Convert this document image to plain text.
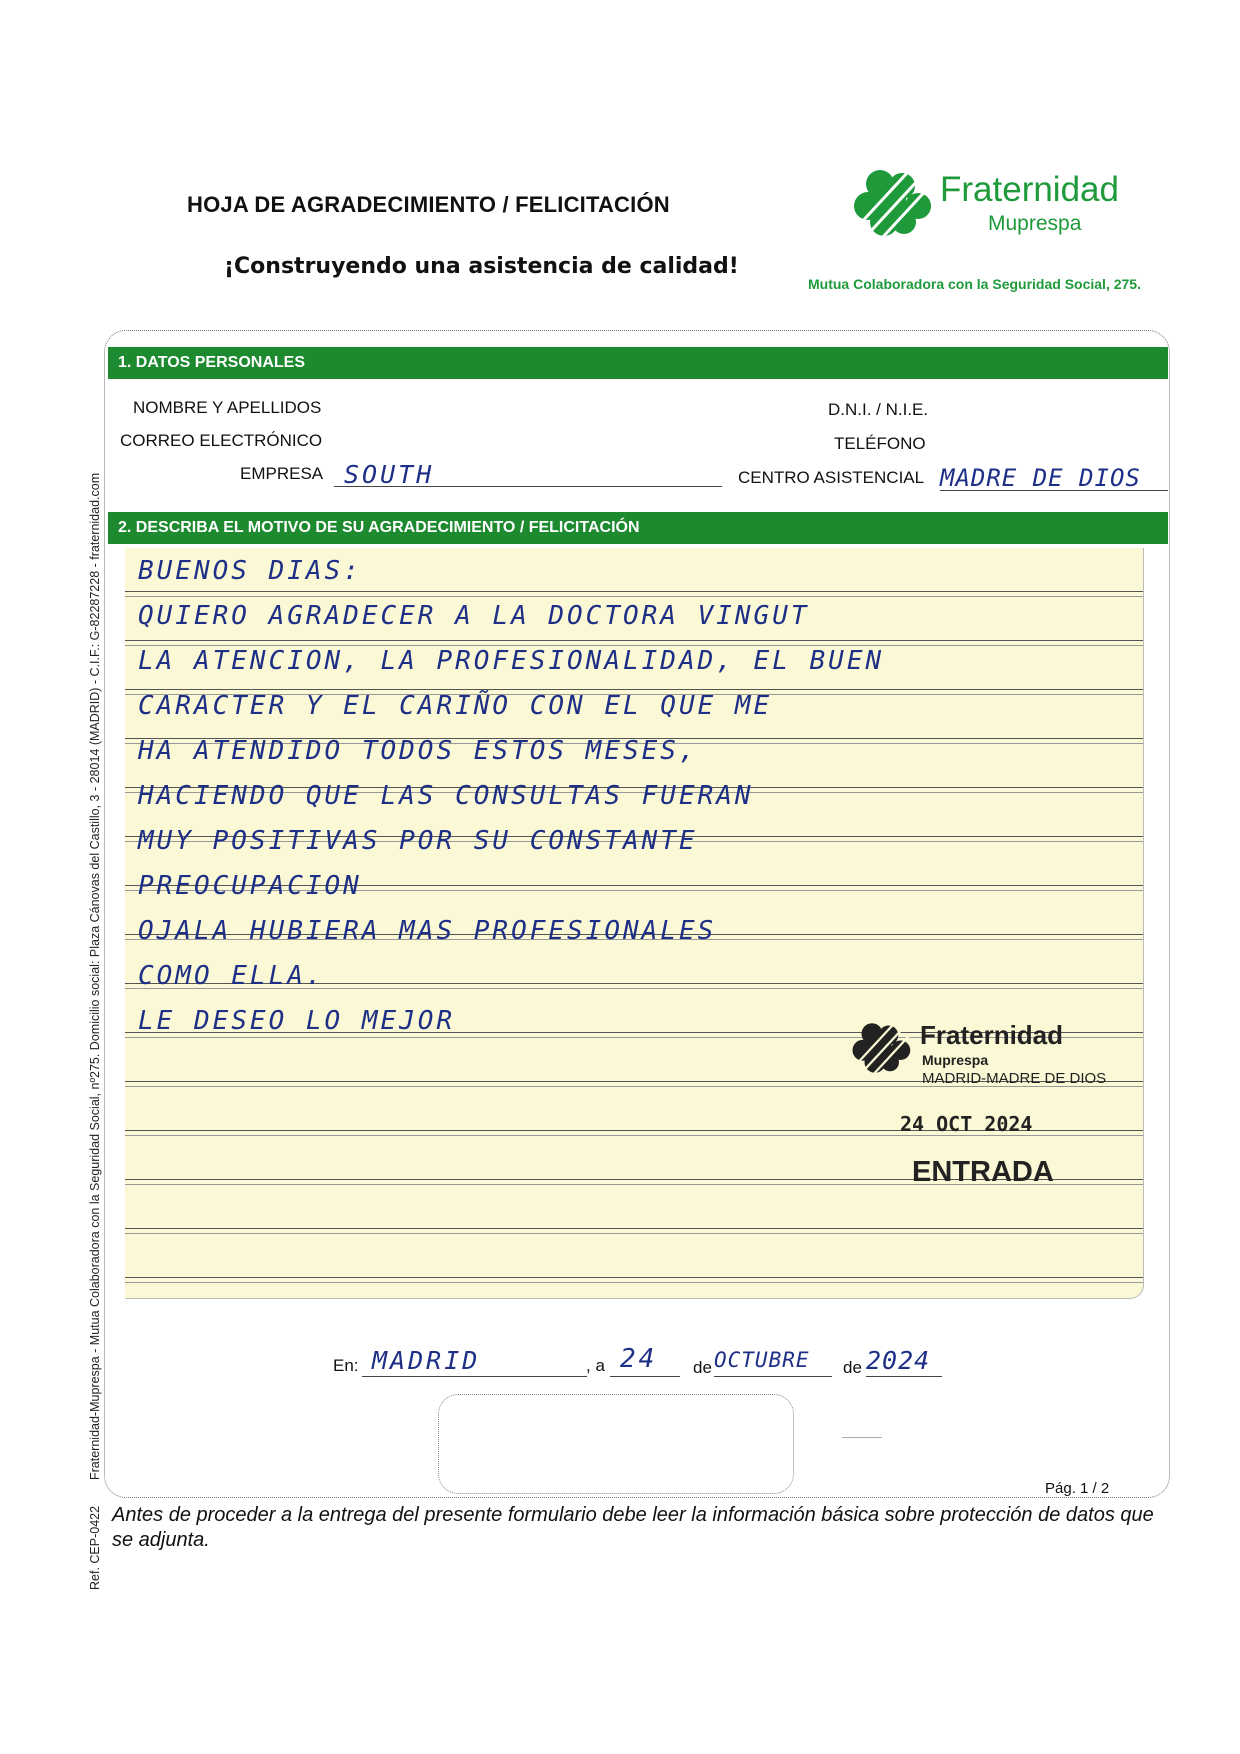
HOJA DE AGRADECIMIENTO / FELICITACIÓN
¡Construyendo una asistencia de calidad!
Fraternidad
Muprespa
Mutua Colaboradora con la Seguridad Social, 275.
1. DATOS PERSONALES
NOMBRE Y APELLIDOS	D.N.I. / N.I.E.
CORREO ELECTRÓNICO	TELÉFONO
EMPRESA SOUTH	CENTRO ASISTENCIAL MADRE DE DIOS
2. DESCRIBA EL MOTIVO DE SU AGRADECIMIENTO / FELICITACIÓN
BUENOS DIAS:
QUIERO AGRADECER A LA DOCTORA VINGUT
LA ATENCION, LA PROFESIONALIDAD, EL BUEN
CARACTER Y EL CARIÑO CON EL QUE ME
HA ATENDIDO TODOS ESTOS MESES,
HACIENDO QUE LAS CONSULTAS FUERAN
MUY POSITIVAS POR SU CONSTANTE
PREOCUPACION
OJALA HUBIERA MAS PROFESIONALES
COMO ELLA.
LE DESEO LO MEJOR	Fraternidad
Muprespa
MADRID-MADRE DE DIOS
24 OCT 2024
ENTRADA
En: MADRID	, a 24 de OCTUBRE de 2024
Pág. 1 / 2
Antes de proceder a la entrega del presente formulario debe leer la información básica sobre protección de datos que se adjunta.
Fraternidad-Muprespa - Mutua Colaboradora con la Seguridad Social, nº275. Domicilio social: Plaza Cánovas del Castillo, 3 - 28014 (MADRID) - C.I.F.: G-82287228 - fraternidad.com
Ref. CEP-0422
